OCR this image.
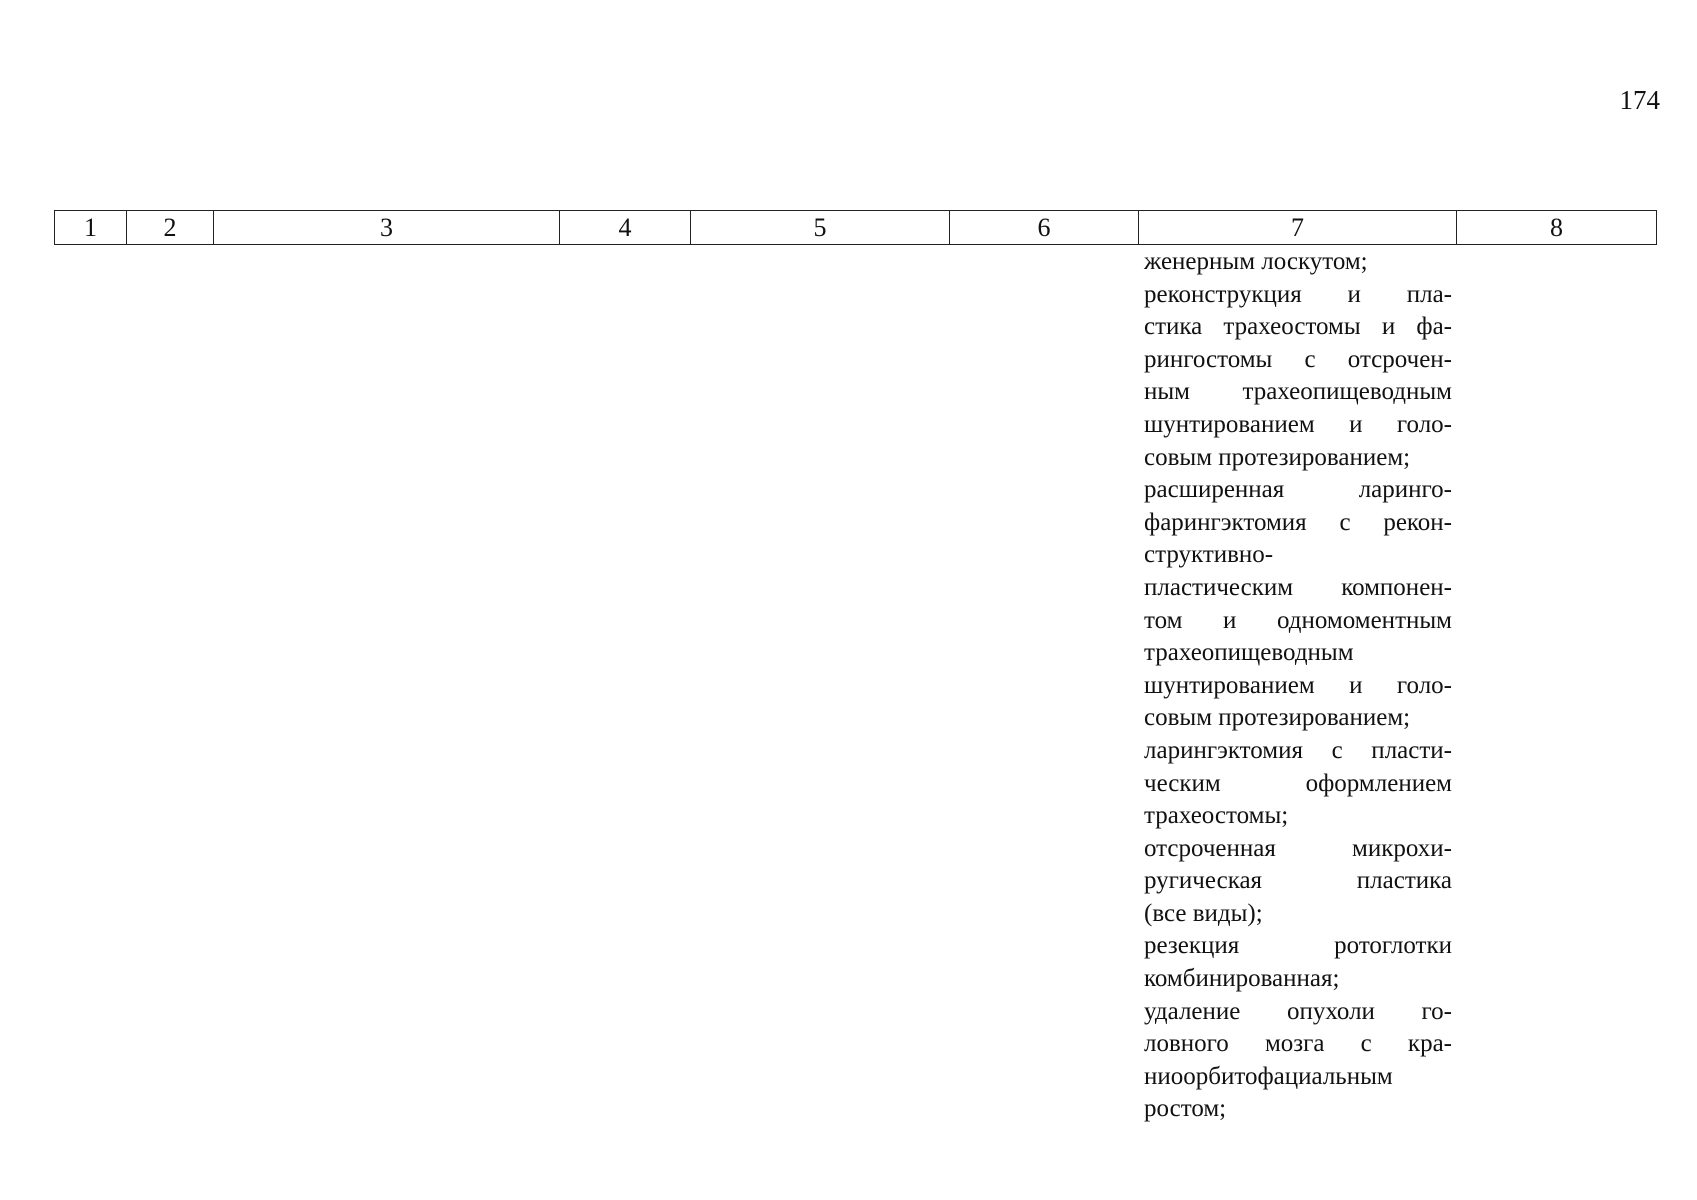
174
1	2	3	4	5	6	7	8
женерным лоскутом;
реконструкция и пла-
стика трахеостомы и фа-
рингостомы с отсрочен-
ным трахеопищеводным
шунтированием и голо-
совым протезированием;
расширенная ларинго-
фарингэктомия с рекон-
структивно-
пластическим компонен-
том и одномоментным
трахеопищеводным
шунтированием и голо-
совым протезированием;
ларингэктомия с пласти-
ческим оформлением
трахеостомы;
отсроченная микрохи-
ругическая пластика
(все виды);
резекция ротоглотки
комбинированная;
удаление опухоли го-
ловного мозга с кра-
ниоорбитофациальным
ростом;
